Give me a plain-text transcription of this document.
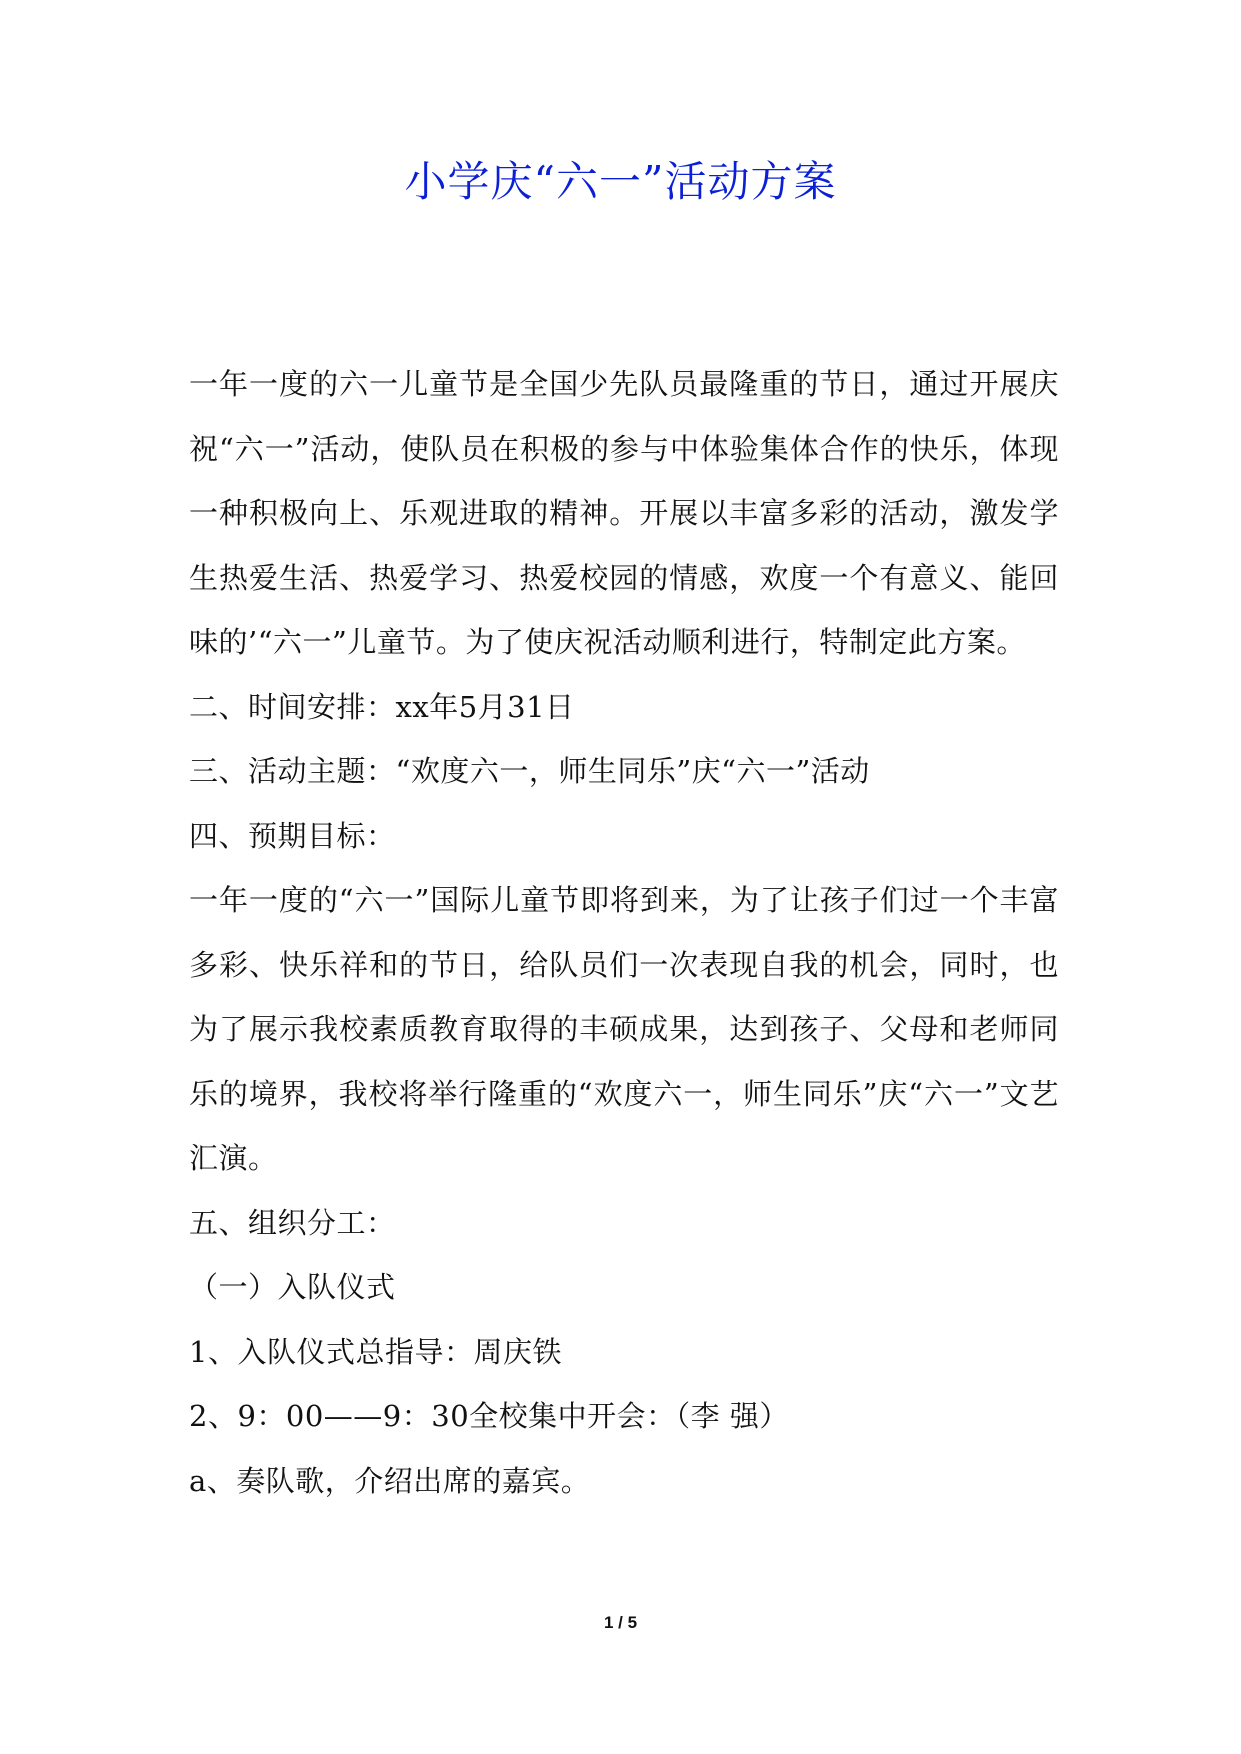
小学庆“六一”活动方案

一年一度的六一儿童节是全国少先队员最隆重的节日，通过开展庆祝“六一”活动，使队员在积极的参与中体验集体合作的快乐，体现一种积极向上、乐观进取的精神。开展以丰富多彩的活动，激发学生热爱生活、热爱学习、热爱校园的情感，欢度一个有意义、能回味的’“六一”儿童节。为了使庆祝活动顺利进行，特制定此方案。

二、时间安排：xx年5月31日

三、活动主题：“欢度六一，师生同乐”庆“六一”活动

四、预期目标：

一年一度的“六一”国际儿童节即将到来，为了让孩子们过一个丰富多彩、快乐祥和的节日，给队员们一次表现自我的机会，同时，也为了展示我校素质教育取得的丰硕成果，达到孩子、父母和老师同乐的境界，我校将举行隆重的“欢度六一，师生同乐”庆“六一”文艺汇演。

五、组织分工：

（一）入队仪式

1、入队仪式总指导：周庆铁

2、9：00——9：30全校集中开会：（李 强）

a、奏队歌，介绍出席的嘉宾。

1 / 5
